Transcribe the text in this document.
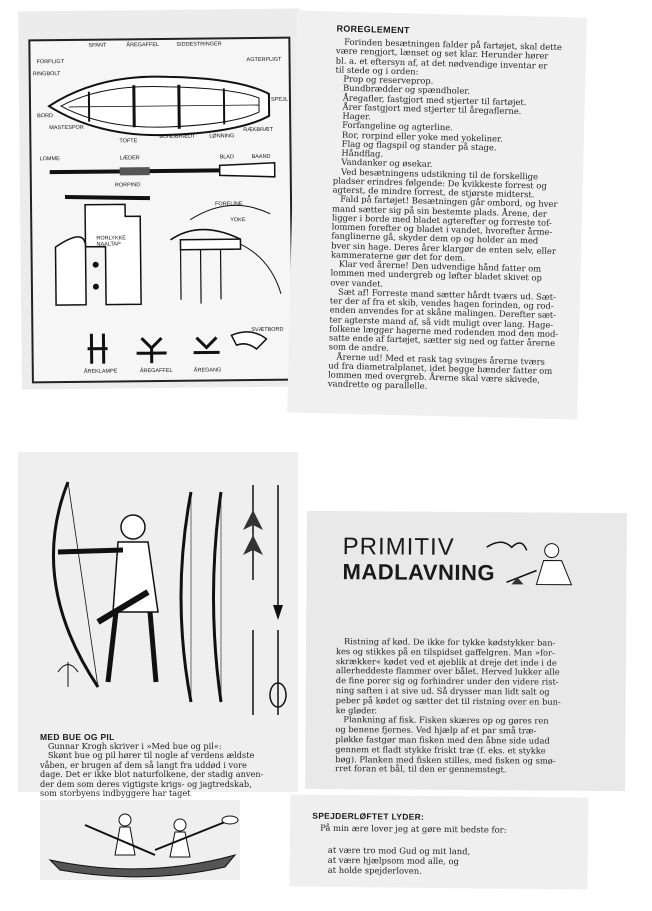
SPANT	ÅREGAFFEL	SIDDESTRINGER
FORPLIGT	AGTERPLIGT
RINGBOLT
SPEJL
BORD
MASTESPOR
BUNDBRÆDT	LØNNING
RÆKBRÆT
TOFTE
LOMME	LÆDER	BLAD	BAAND
RORPIND
RORLYKKE
NAALTAP
FORELINE
YOKE
SVÆTBORD
ÅREKLAMPE	ÅREGAFFEL	ÅREGANG
ROREGLEMENT
Forinden besætningen falder på fartøjet, skal dette
være rengjort, lænset og set klar. Herunder hører
bl. a. et eftersyn af, at det nødvendige inventar er
til stede og i orden:
Prop og reserveprop.
Bundbrædder og spændholer.
Åregafler, fastgjort med stjerter til fartøjet.
Årer fastgjort med stjerter til åregaflerne.
Hager.
Forfangeline og agterline.
Ror, rorpind eller yoke med yokeliner.
Flag og flagspil og stander på stage.
Håndflag.
Vandanker og øsekar.
Ved besætningens udstikning til de forskellige
pladser erindres følgende: De kvikkeste forrest og
agterst, de mindre forrest, de stjørste midterst.
Fald på fartøjet! Besætningen går ombord, og hver
mand sætter sig på sin bestemte plads. Årene, der
ligger i borde med bladet agterefter og forreste tof-
lommen forefter og bladet i vandet, hvorefter årme-
fanglinerne gå, skyder dem op og holder an med
bver sin hage. Deres årer klargør de enten selv, eller
kammeraterne gør det for dem.
Klar ved årerne! Den udvendige hånd fatter om
lommen med undergreb og løfter bladet skivet op
over vandet.
Sæt af! Forreste mand sætter hårdt tværs ud. Sæt-
ter der af fra et skib, vendes hagen forinden, og rod-
enden anvendes for at skåne malingen. Derefter sæt-
ter agterste mand af, så vidt muligt over lang. Hage-
folkene lægger hagerne med rodenden mod den mod-
satte ende af fartøjet, sætter sig ned og fatter årerne
som de andre.
Årerne ud! Med et rask tag svinges årerne tværs
ud fra diametralplanet, idet begge hænder fatter om
lommen med overgreb. Årerne skal være skivede,
vandrette og parallelle.
MED BUE OG PIL
Gunnar Krogh skriver i »Med bue og pil«:
Skønt bue og pil hører til nogle af verdens ældste
våben, er brugen af dem så langt fra uddød i vore
dage. Det er ikke blot naturfolkene, der stadig anven-
der dem som deres vigtigste krigs- og jagtredskab,
som storbyens indbyggere har taget
PRIMITIV
MADLAVNING
Ristning af kød. De ikke for tykke kødstykker ban-
kes og stikkes på en tilspidset gaffelgren. Man »for-
skrækker« kødet ved et øjeblik at dreje det inde i de
allerheddeste flammer over bålet. Herved lukker alle
de fine porer sig og forhindrer under den videre rist-
ning saften i at sive ud. Så drysser man lidt salt og
peber på kødet og sætter det til ristning over en bun-
ke gløder.
Plankning af fisk. Fisken skæres op og gøres ren
og benene fjernes. Ved hjælp af et par små træ-
pløkke fastgør man fisken med den åbne side udad
gennem et fladt stykke friskt træ (f. eks. et stykke
bøg). Planken med fisken stilles, med fisken og smø-
rret foran et bål, til den er gennemstegt.
SPEJDERLØFTET LYDER:
På min ære lover jeg at gøre mit bedste for:
at være tro mod Gud og mit land,
at være hjælpsom mod alle, og
at holde spejderloven.
